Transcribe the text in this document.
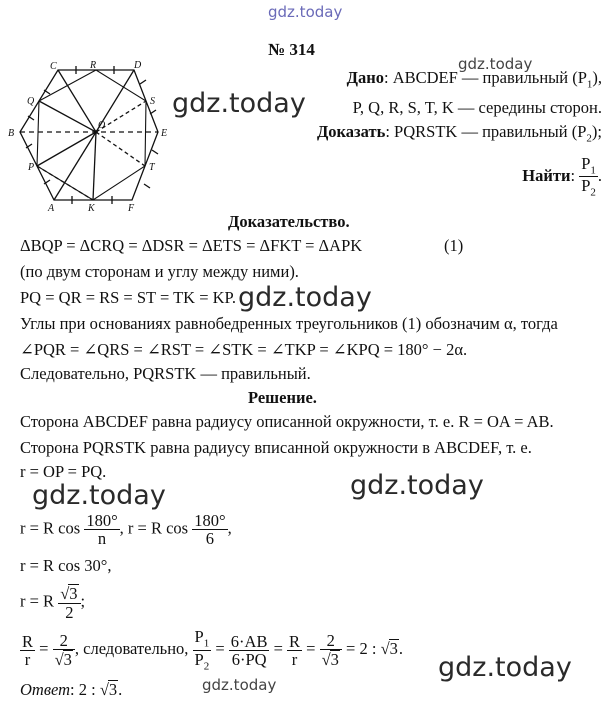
gdz.today
gdz.today
gdz.today
gdz.today
gdz.today	gdz.today
gdz.today
gdz.today
№ 314
C	R	D
Q	S
B
O
E
P	T
A	K	F
Дано: ABCDEF — правильный $(P_1)$,
P, Q, R, S, T, K — середины сторон.
Доказать: PQRSTK — правильный $(P_2)$;
Найти: $\frac{P_1}{P_2}$ .
Доказательство.
ΔBQP = ΔCRQ = ΔDSR = ΔETS = ΔFKT = ΔAPK	(1)
(по двум сторонам и углу между ними).
PQ = QR = RS = ST = TK = KP.
Углы при основаниях равнобедренных треугольников (1) обозначим α, тогда
∠PQR = ∠QRS = ∠RST = ∠STK = ∠TKP = ∠KPQ = 180° − 2α.
Следовательно, PQRSTK — правильный.
Решение.
Сторона ABCDEF равна радиусу описанной окружности, т. е. R = OA = AB.
Сторона PQRSTK равна радиусу вписанной окружности в ABCDEF, т. е.
r = OP = PQ.
r = R $\cos \frac{180^\circ}{n}$ , r = R $\cos \frac{180^\circ}{6}$ ,
r = R cos 30°,
r = R $\frac{√3}{2}$ ;
$\frac{R}{r} = \frac{2}{√3}$ , следовательно, $\frac{P_1}{P_2} = \frac{6\cdot AB}{6\cdot PQ} = \frac{R}{r} = \frac{2}{√3} = 2$ : √3.
Ответ: 2 : √3.
